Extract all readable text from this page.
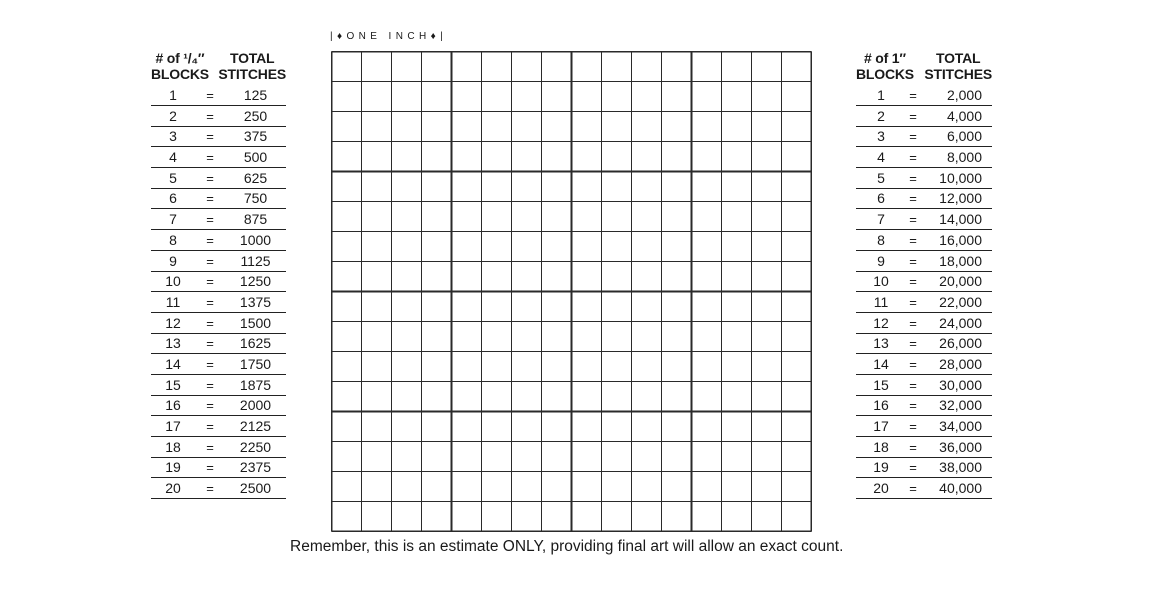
# of ¹/₄″
BLOCKS
TOTAL
STITCHES
1	=	125
2	=	250
3	=	375
4	=	500
5	=	625
6	=	750
7	=	875
8	=	1000
9	=	1125
10	=	1250
11	=	1375
12	=	1500
13	=	1625
14	=	1750
15	=	1875
16	=	2000
17	=	2125
18	=	2250
19	=	2375
20	=	2500
|♦ONE INCH♦|
# of 1″
BLOCKS
TOTAL
STITCHES
1	=	2,000
2	=	4,000
3	=	6,000
4	=	8,000
5	=	10,000
6	=	12,000
7	=	14,000
8	=	16,000
9	=	18,000
10	=	20,000
11	=	22,000
12	=	24,000
13	=	26,000
14	=	28,000
15	=	30,000
16	=	32,000
17	=	34,000
18	=	36,000
19	=	38,000
20	=	40,000
Remember, this is an estimate ONLY, providing final art will allow an exact count.
